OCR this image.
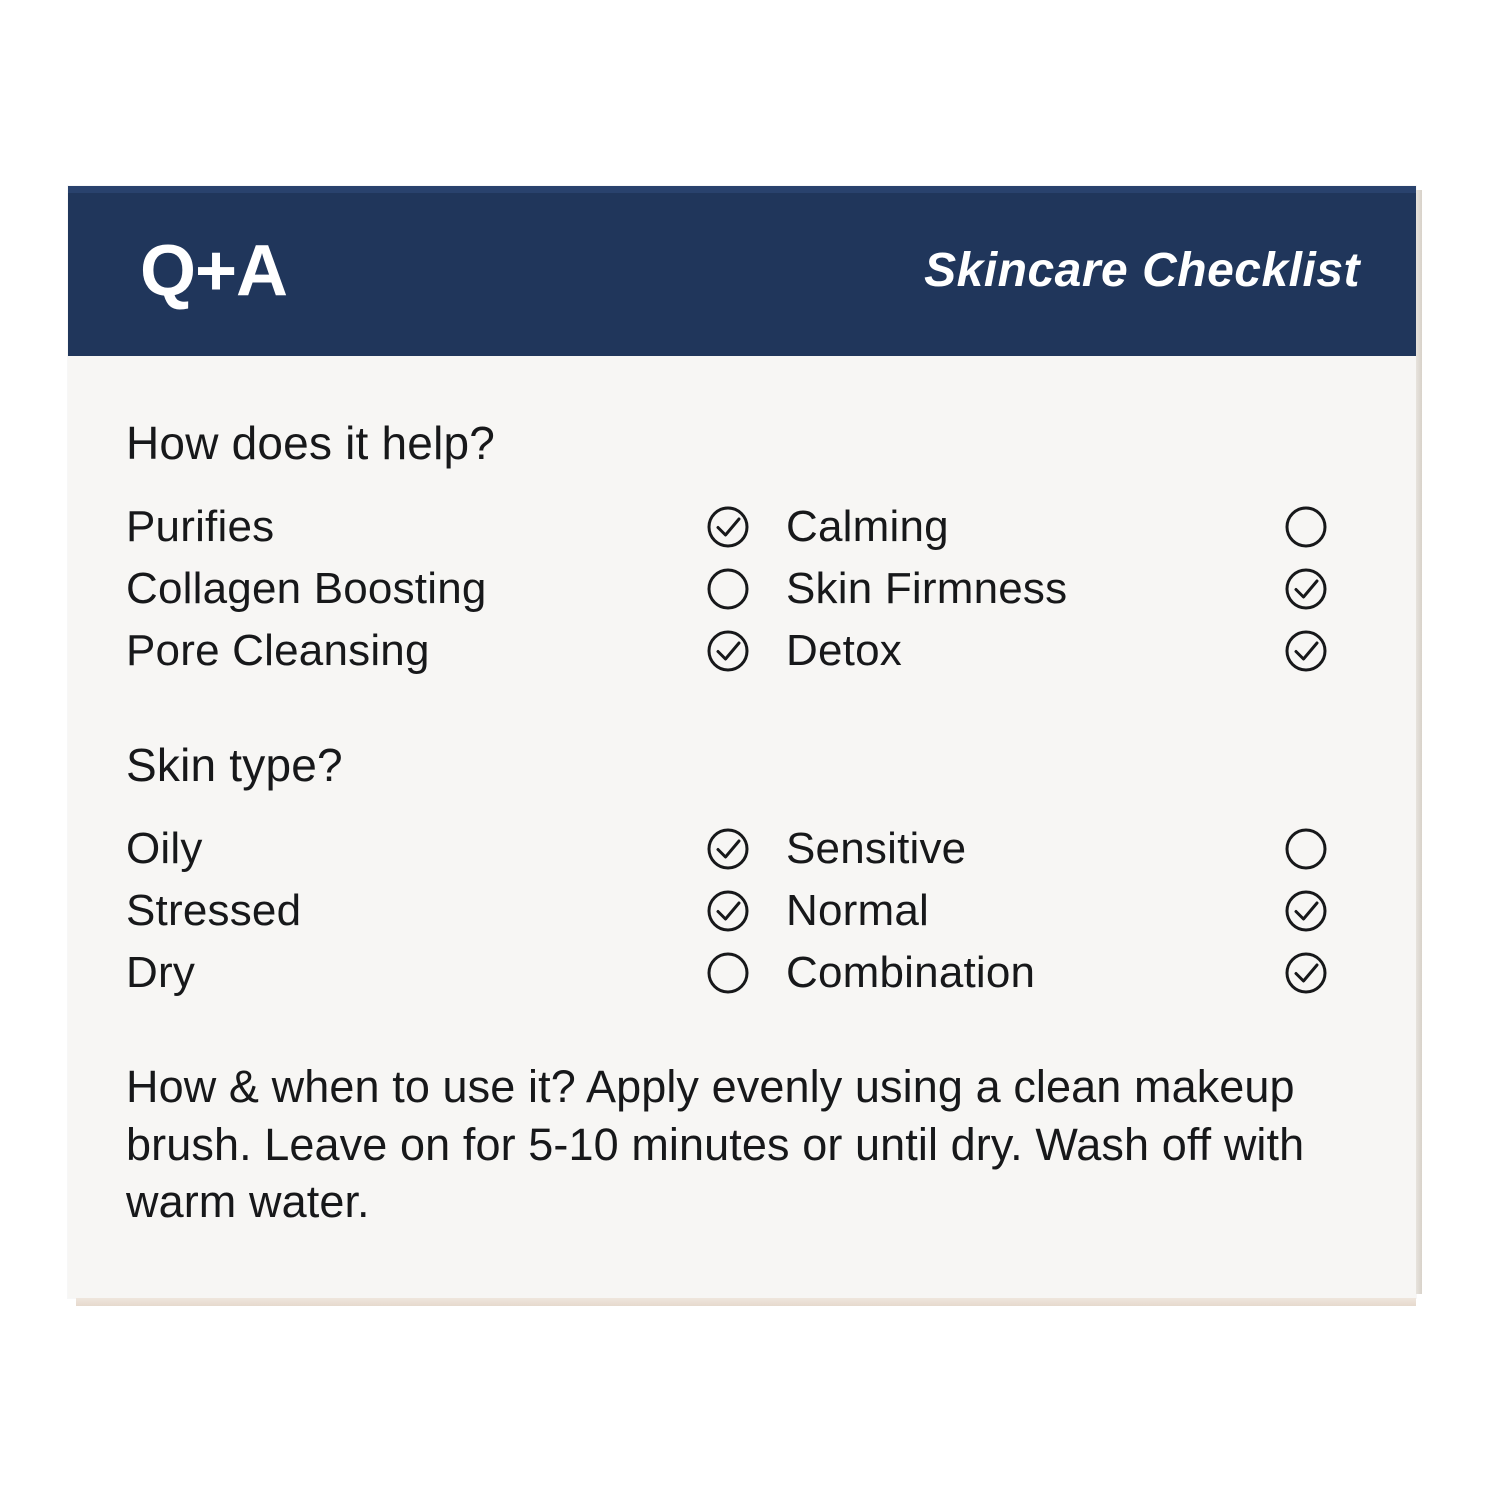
Q+A	Skincare Checklist
How does it help?
Purifies	Calming
Collagen Boosting	Skin Firmness
Pore Cleansing	Detox
Skin type?
Oily	Sensitive
Stressed	Normal
Dry	Combination
How & when to use it? Apply evenly using a clean makeup brush. Leave on for 5-10 minutes or until dry. Wash off with warm water.
